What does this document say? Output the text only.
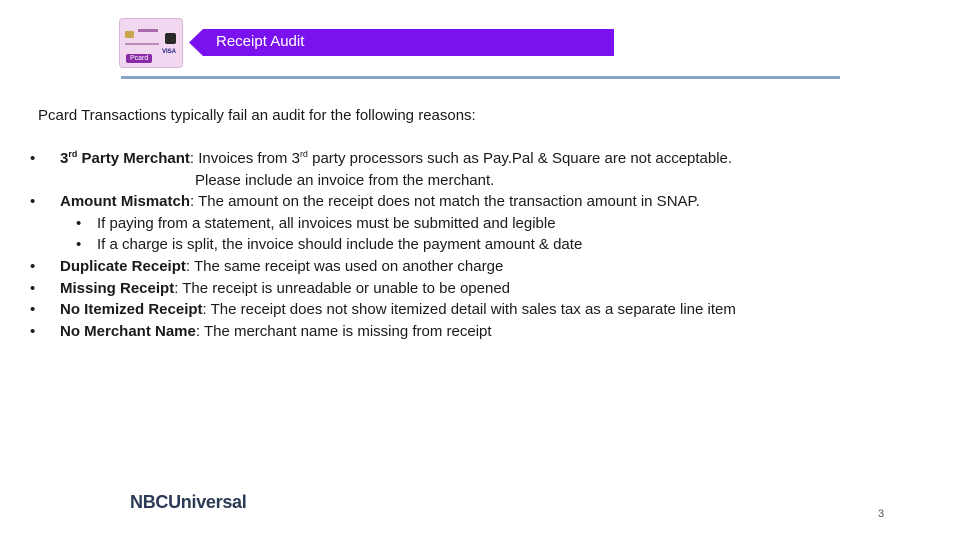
VISA
Pcard
Receipt Audit
Pcard Transactions typically fail an audit for the following reasons:
• 3rd Party Merchant: Invoices from 3rd party processors such as Pay.Pal & Square are not acceptable.
Please include an invoice from the merchant.
• Amount Mismatch: The amount on the receipt does not match the transaction amount in SNAP.
• If paying from a statement, all invoices must be submitted and legible
• If a charge is split, the invoice should include the payment amount & date
• Duplicate Receipt: The same receipt was used on another charge
• Missing Receipt: The receipt is unreadable or unable to be opened
• No Itemized Receipt: The receipt does not show itemized detail with sales tax as a separate line item
• No Merchant Name: The merchant name is missing from receipt
NBCUniversal
3
